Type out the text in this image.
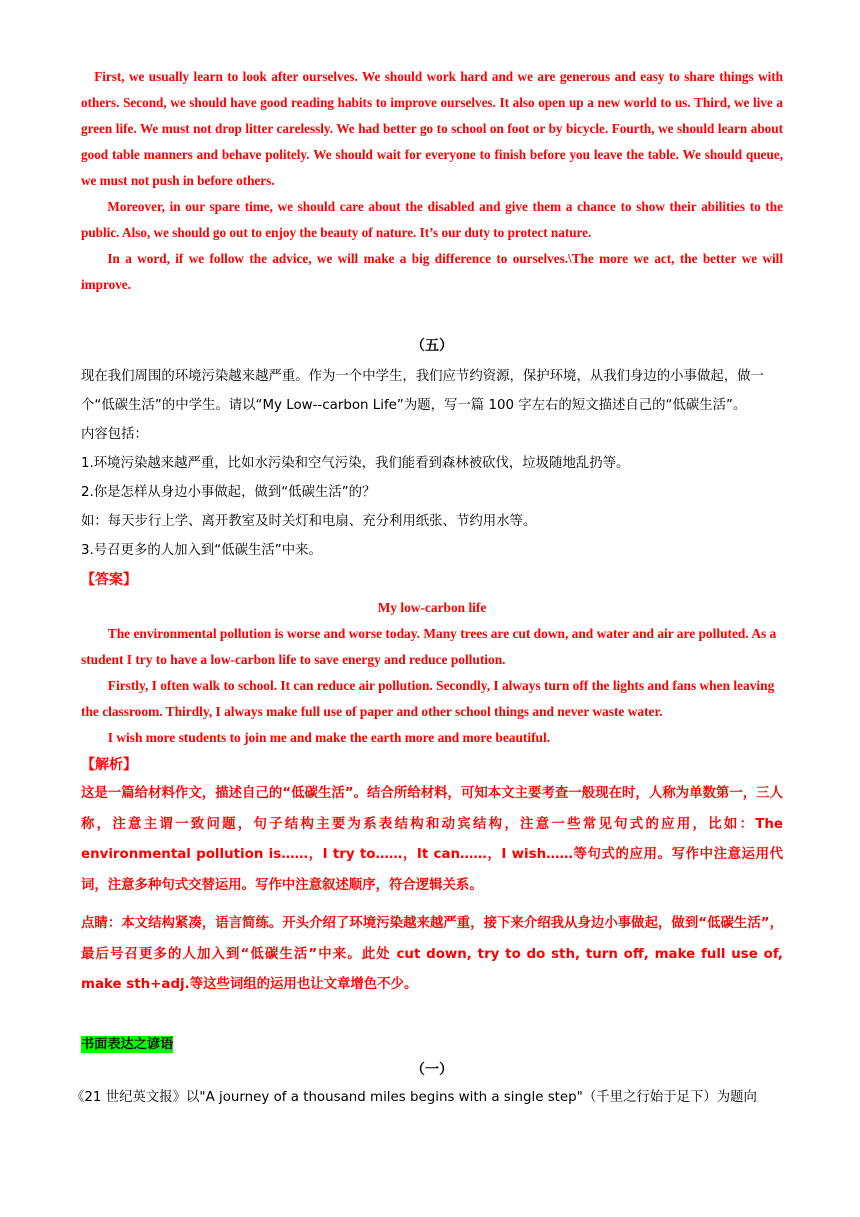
First, we usually learn to look after ourselves. We should work hard and we are generous and easy to share things with others. Second, we should have good reading habits to improve ourselves. It also open up a new world to us. Third, we live a green life. We must not drop litter carelessly. We had better go to school on foot or by bicycle. Fourth, we should learn about good table manners and behave politely. We should wait for everyone to finish before you leave the table. We should queue, we must not push in before others.

Moreover, in our spare time, we should care about the disabled and give them a chance to show their abilities to the public. Also, we should go out to enjoy the beauty of nature. It’s our duty to protect nature.

In a word, if we follow the advice, we will make a big difference to ourselves.\The more we act, the better we will improve.

（五）

现在我们周围的环境污染越来越严重。作为一个中学生，我们应节约资源，保护环境，从我们身边的小事做起，做一个“低碳生活”的中学生。请以“My Low--carbon Life”为题，写一篇 100 字左右的短文描述自己的“低碳生活”。

内容包括：

1.环境污染越来越严重，比如水污染和空气污染，我们能看到森林被砍伐，垃圾随地乱扔等。

2.你是怎样从身边小事做起，做到“低碳生活”的？

如：每天步行上学、离开教室及时关灯和电扇、充分利用纸张、节约用水等。

3.号召更多的人加入到“低碳生活”中来。

【答案】

My low-carbon life

The environmental pollution is worse and worse today. Many trees are cut down, and water and air are polluted. As a student I try to have a low-carbon life to save energy and reduce pollution.

Firstly, I often walk to school. It can reduce air pollution. Secondly, I always turn off the lights and fans when leaving the classroom. Thirdly, I always make full use of paper and other school things and never waste water.

I wish more students to join me and make the earth more and more beautiful.

【解析】

这是一篇给材料作文，描述自己的“低碳生活”。结合所给材料，可知本文主要考查一般现在时，人称为单数第一，三人称，注意主谓一致问题，句子结构主要为系表结构和动宾结构，注意一些常见句式的应用，比如：The environmental pollution is……，I try to……，It can……，I wish……等句式的应用。写作中注意运用代词，注意多种句式交替运用。写作中注意叙述顺序，符合逻辑关系。

点睛：本文结构紧凑，语言简练。开头介绍了环境污染越来越严重，接下来介绍我从身边小事做起，做到“低碳生活”，最后号召更多的人加入到“低碳生活”中来。此处 cut down, try to do sth, turn off, make full use of, make sth+adj.等这些词组的运用也让文章增色不少。

书面表达之谚语

（一）

《21 世纪英文报》以"A journey of a thousand miles begins with a single step"（千里之行始于足下）为题向
